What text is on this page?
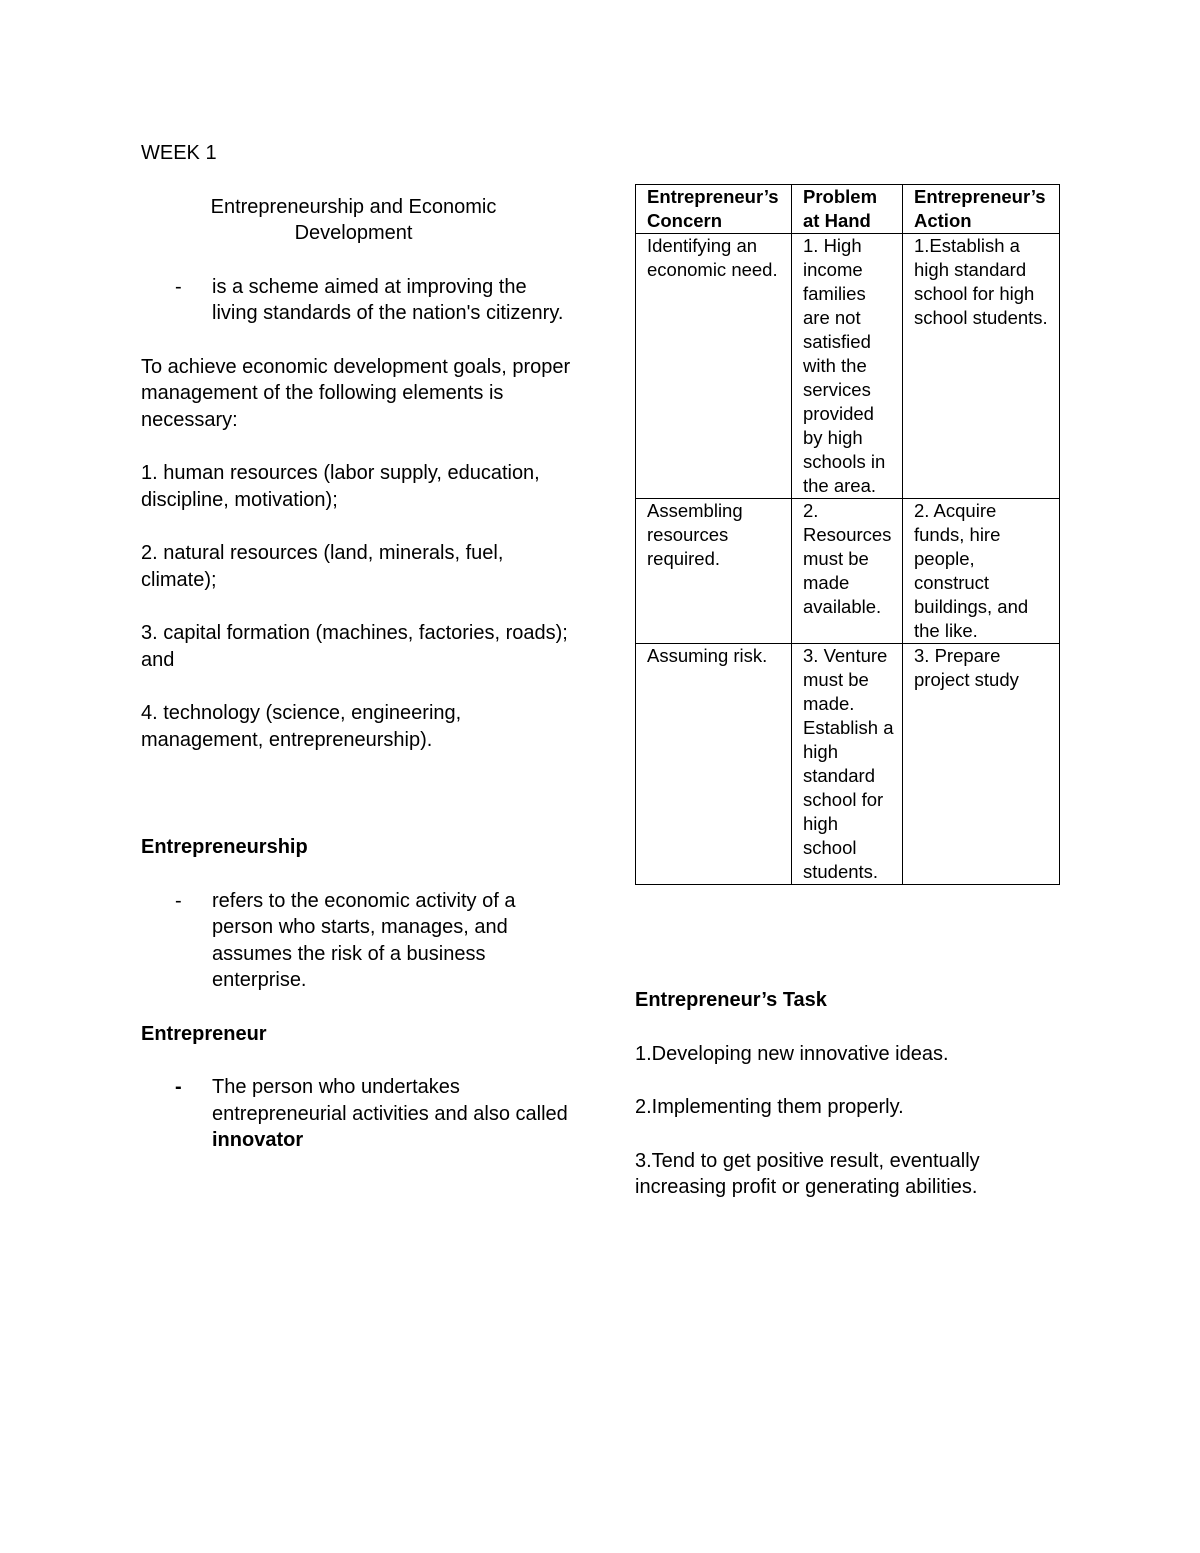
WEEK 1

Entrepreneurship and Economic
Development
- is a scheme aimed at improving the living standards of the nation's citizenry.

To achieve economic development goals, proper management of the following elements is necessary:

1. human resources (labor supply, education, discipline, motivation);

2. natural resources (land, minerals, fuel, climate);

3. capital formation (machines, factories, roads); and

4. technology (science, engineering, management, entrepreneurship).

Entrepreneurship

- refers to the economic activity of a person who starts, manages, and assumes the risk of a business enterprise.

Entrepreneur

- The person who undertakes entrepreneurial activities and also called innovator
Entrepreneur’s Concern	Problem at Hand	Entrepreneur’s Action
Identifying an economic need.	1. High income families are not satisfied with the services provided by high schools in the area.	1.Establish a high standard school for high school students.
Assembling resources required.	2. Resources must be made available.	2. Acquire funds, hire people, construct buildings, and the like.
Assuming risk.	3. Venture must be made. Establish a high standard school for high school students.	3. Prepare project study

Entrepreneur’s Task

1.Developing new innovative ideas.

2.Implementing them properly.

3.Tend to get positive result, eventually increasing profit or generating abilities.
